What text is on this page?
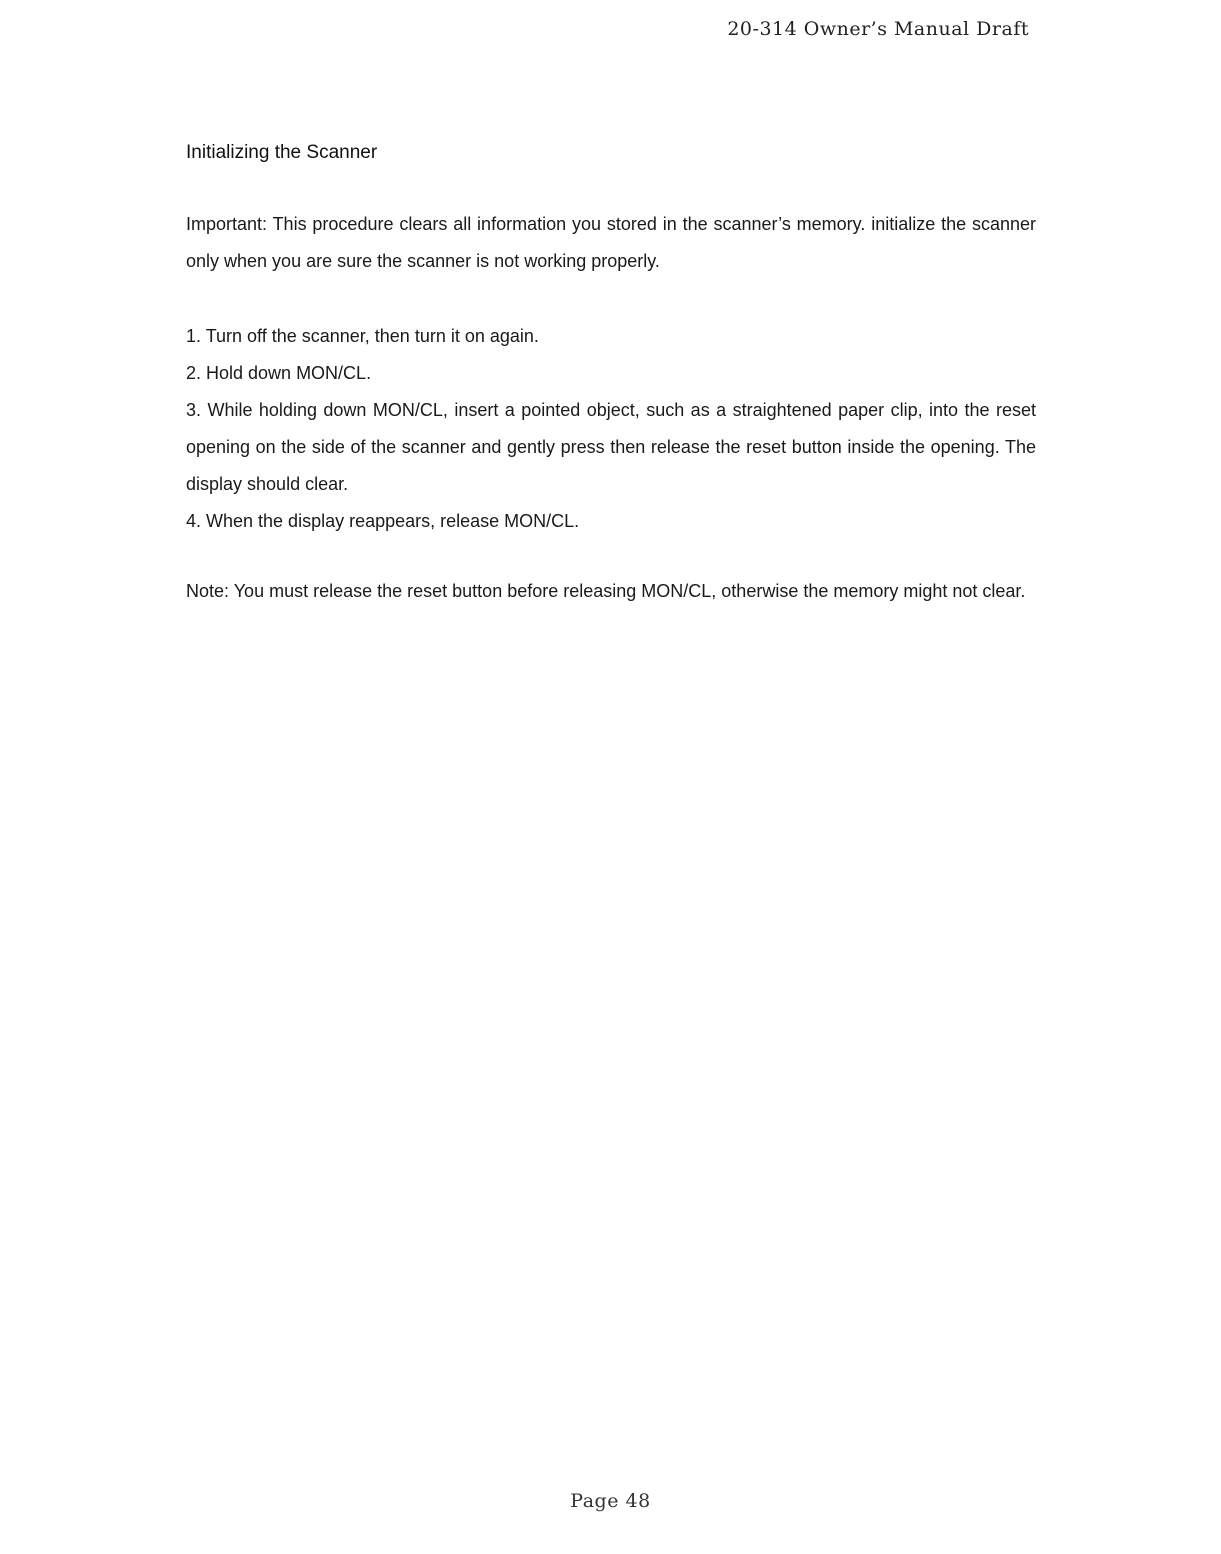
20-314 Owner’s Manual Draft
Initializing the Scanner

Important: This procedure clears all information you stored in the scanner’s memory. initialize the scanner only when you are sure the scanner is not working properly.

1. Turn off the scanner, then turn it on again.
2. Hold down MON/CL.
3. While holding down MON/CL, insert a pointed object, such as a straightened paper clip, into the reset opening on the side of the scanner and gently press then release the reset button inside the opening. The display should clear.
4. When the display reappears, release MON/CL.

Note: You must release the reset button before releasing MON/CL, otherwise the memory might not clear.

Page 48
